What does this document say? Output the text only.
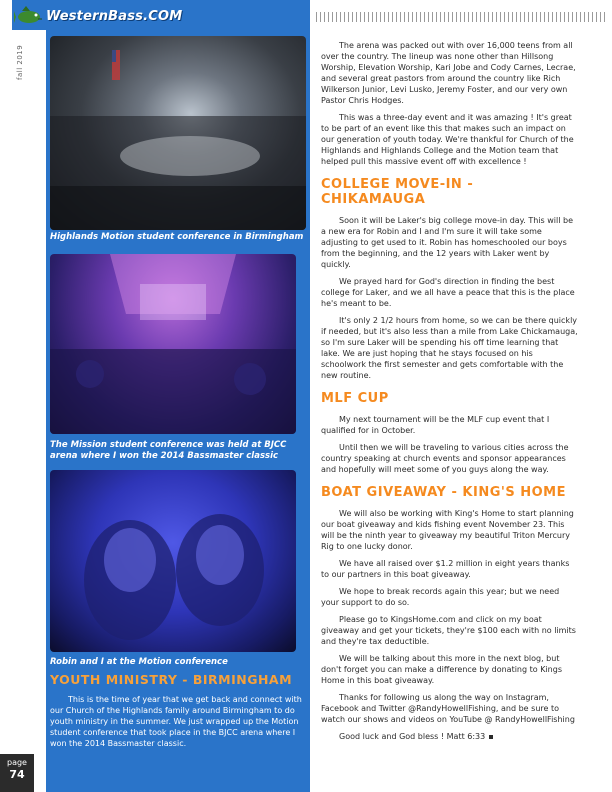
WesternBass.COM
fall 2019
Highlands Motion student conference in Birmingham
The Mission student conference was held at BJCC arena where I won the 2014 Bassmaster classic
Robin and I at the Motion conference
YOUTH MINISTRY - BIRMINGHAM

This is the time of year that we get back and connect with our Church of the Highlands family around Birmingham to do youth ministry in the summer. We just wrapped up the Motion student conference that took place in the BJCC arena where I won the 2014 Bassmaster classic.

The arena was packed out with over 16,000 teens from all over the country. The lineup was none other than Hillsong Worship, Elevation Worship, Kari Jobe and Cody Carnes, Lecrae, and several great pastors from around the country like Rich Wilkerson Junior, Levi Lusko, Jeremy Foster, and our very own Pastor Chris Hodges.

This was a three-day event and it was amazing ! It's great to be part of an event like this that makes such an impact on our generation of youth today. We're thankful for Church of the Highlands and Highlands College and the Motion team that helped pull this massive event off with excellence !

COLLEGE MOVE-IN - CHIKAMAUGA

Soon it will be Laker's big college move-in day. This will be a new era for Robin and I and I'm sure it will take some adjusting to get used to it. Robin has homeschooled our boys from the beginning, and the 12 years with Laker went by quickly.

We prayed hard for God's direction in finding the best college for Laker, and we all have a peace that this is the place he's meant to be.

It's only 2 1/2 hours from home, so we can be there quickly if needed, but it's also less than a mile from Lake Chickamauga, so I'm sure Laker will be spending his off time learning that lake. We are just hoping that he stays focused on his schoolwork the first semester and gets comfortable with the new routine.

MLF CUP

My next tournament will be the MLF cup event that I qualified for in October.

Until then we will be traveling to various cities across the country speaking at church events and sponsor appearances and hopefully will meet some of you guys along the way.

BOAT GIVEAWAY - KING'S HOME

We will also be working with King's Home to start planning our boat giveaway and kids fishing event November 23. This will be the ninth year to giveaway my beautiful Triton Mercury Rig to one lucky donor.

We have all raised over $1.2 million in eight years thanks to our partners in this boat giveaway.

We hope to break records again this year; but we need your support to do so.

Please go to KingsHome.com and click on my boat giveaway and get your tickets, they're $100 each with no limits and they're tax deductible.

We will be talking about this more in the next blog, but don't forget you can make a difference by donating to Kings Home in this boat giveaway.

Thanks for following us along the way on Instagram, Facebook and Twitter @RandyHowellFishing, and be sure to watch our shows and videos on YouTube @ RandyHowellFishing

Good luck and God bless ! Matt 6:33

page
74
